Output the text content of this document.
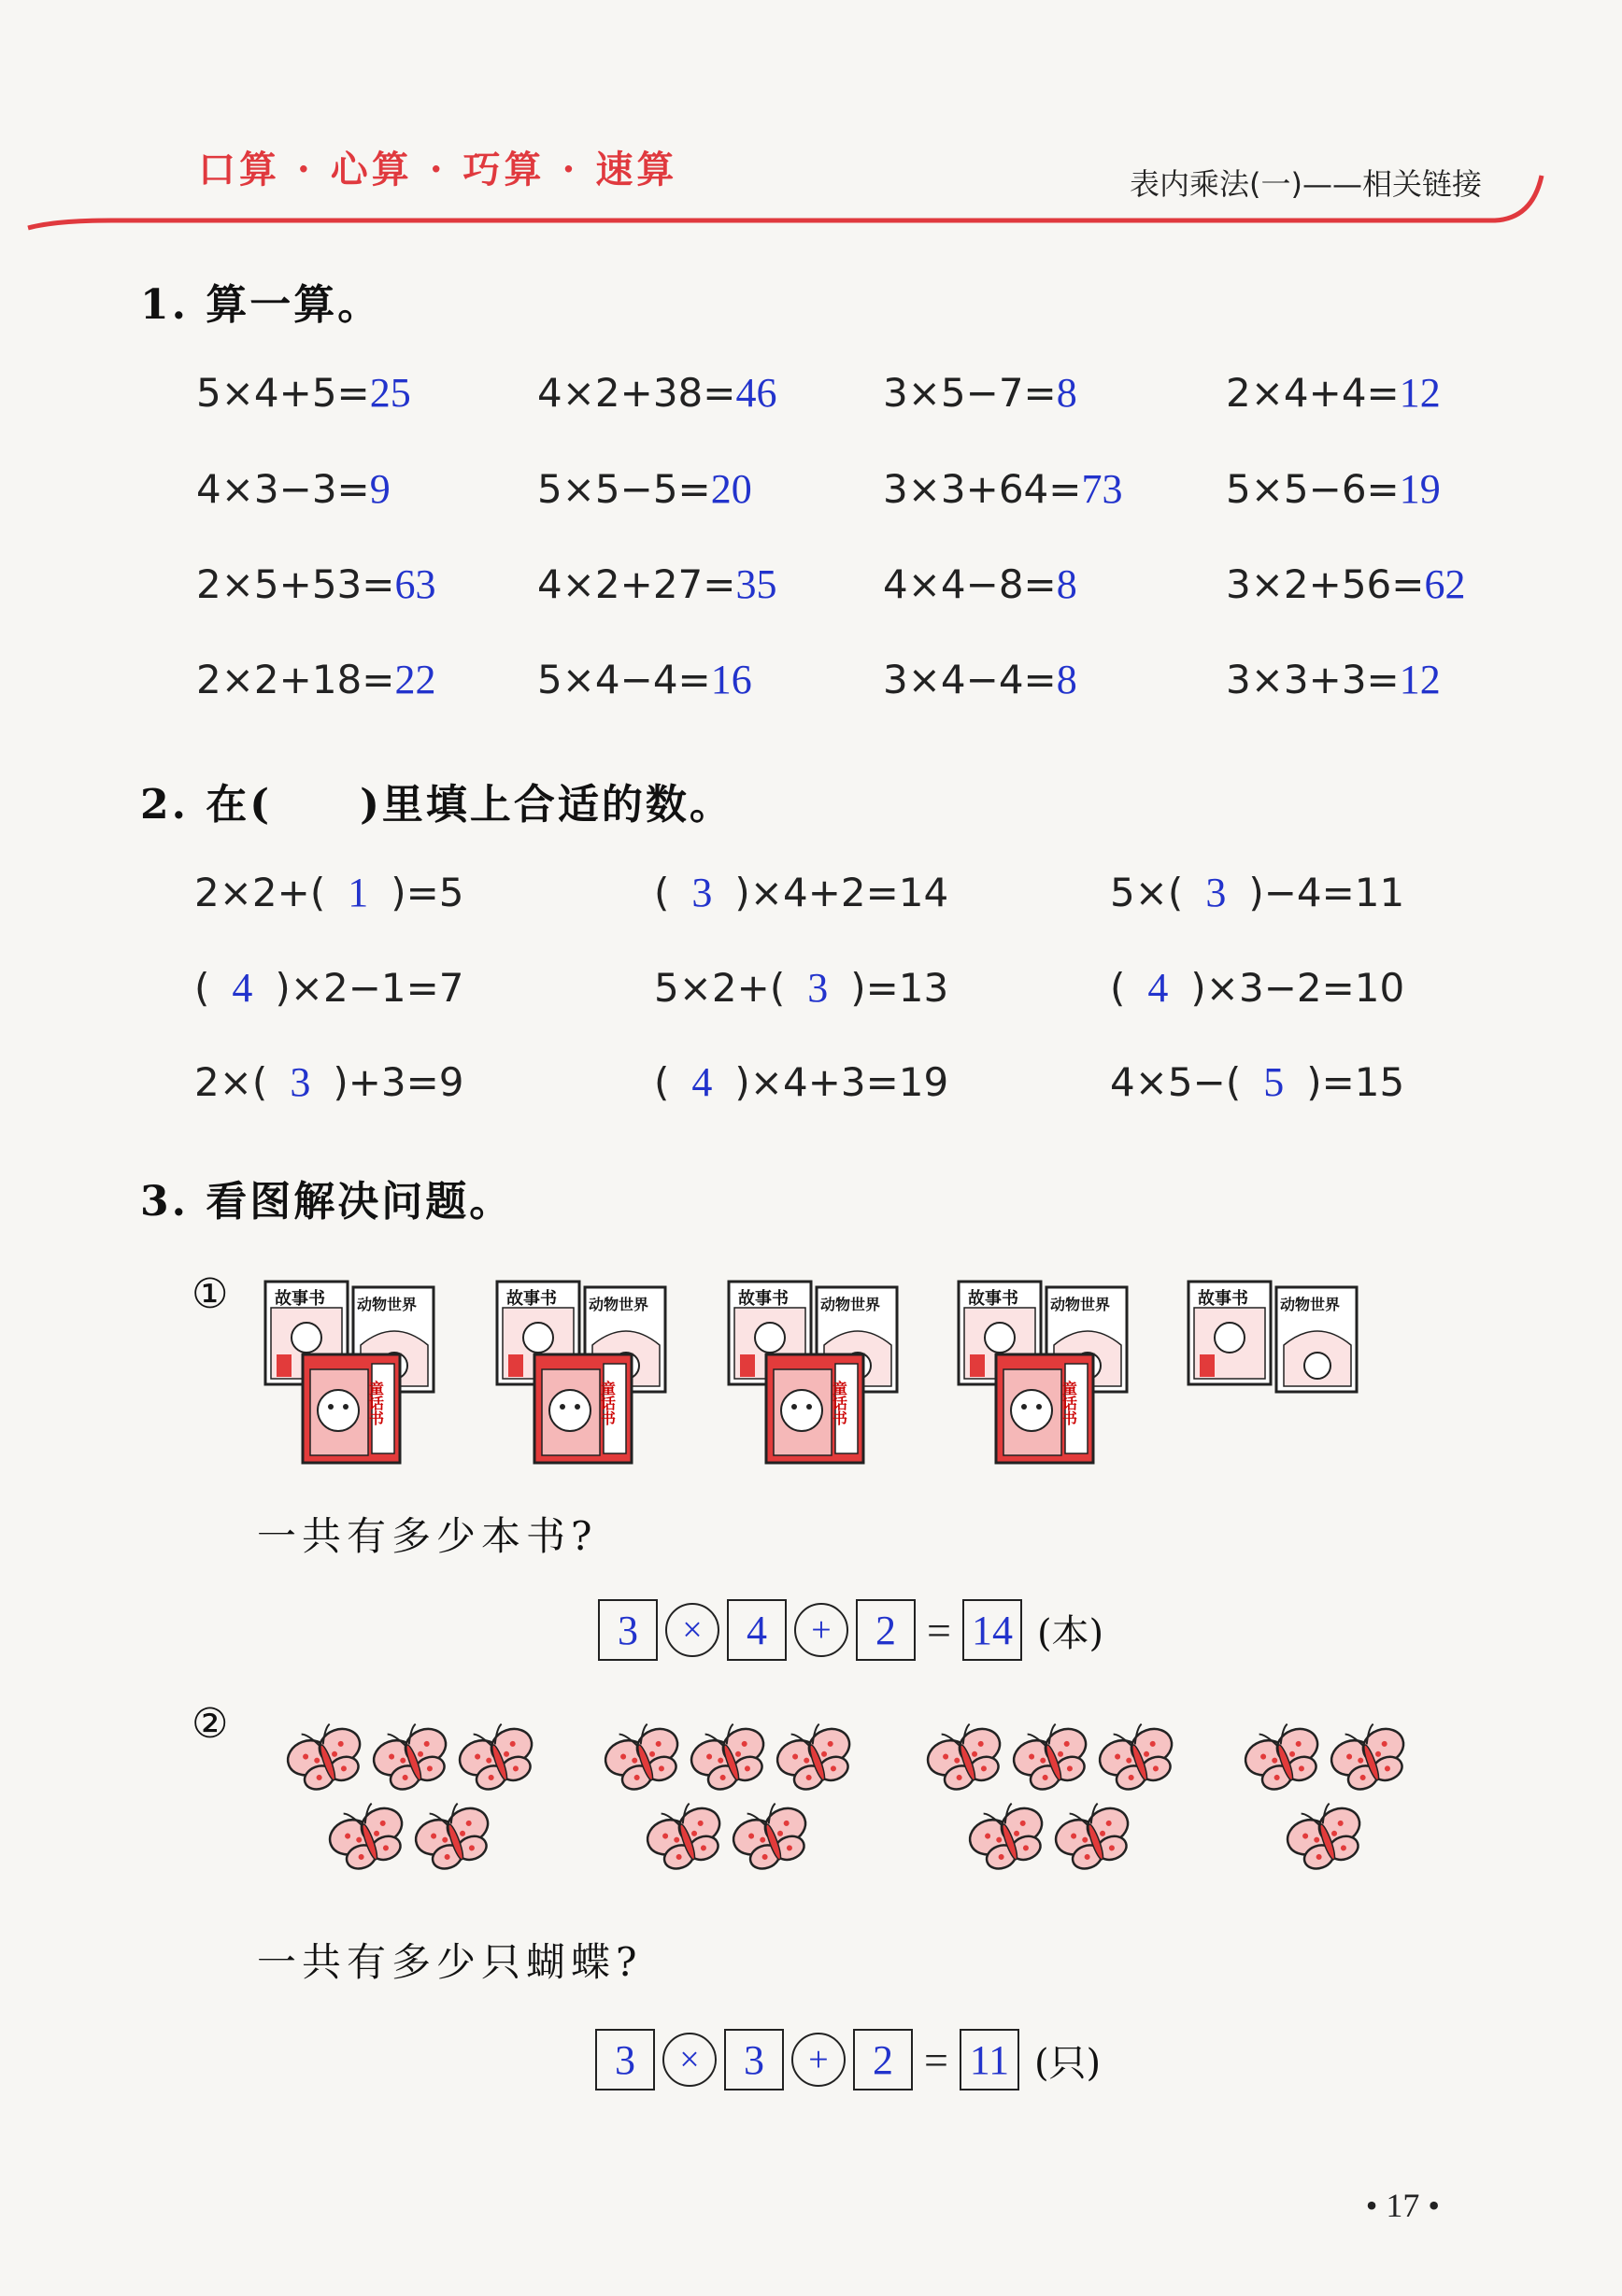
口算 · 心算 · 巧算 · 速算	表内乘法(一)——相关链接
1. 算一算。
5×4+5=25	4×2+38=46	3×5−7=8	2×4+4=12
4×3−3=9	5×5−5=20	3×3+64=73	5×5−6=19
2×5+53=63	4×2+27=35	4×4−8=8	3×2+56=62
2×2+18=22	5×4−4=16	3×4−4=8	3×3+3=12
2. 在(　　)里填上合适的数。
2×2+( 1 )=5	( 3 )×4+2=14	5×( 3 )−4=11
( 4 )×2−1=7	5×2+( 3 )=13	( 4 )×3−2=10
2×( 3 )+3=9	( 4 )×4+3=19	4×5−( 5 )=15
3. 看图解决问题。
①	故事书 动物世界
童话书
故事书 动物世界
童话书
故事书 动物世界
童话书
故事书 动物世界
童话书
故事书 动物世界
一共有多少本书?
3	×	4	+	2 = 14 (本)
②
一共有多少只蝴蝶?
3	×	3	+	2 = 11 (只)
• 17 •
